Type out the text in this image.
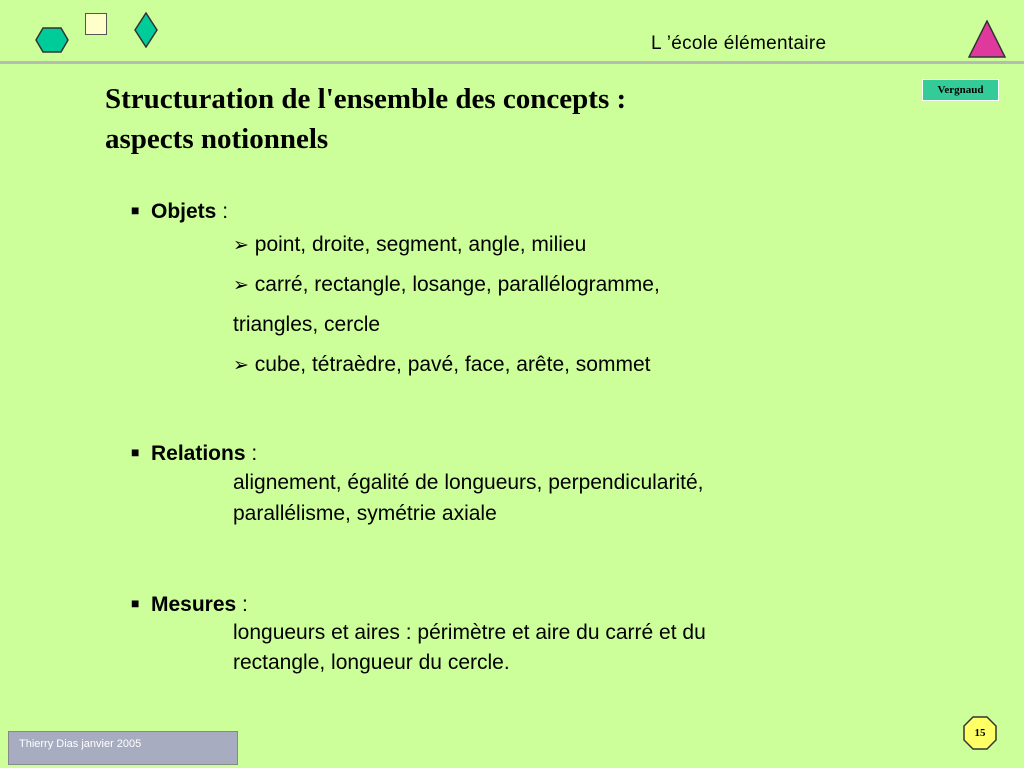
L ’école élémentaire
Vergnaud
Structuration de l'ensemble des concepts :
aspects notionnels
■ Objets :
➢ point, droite, segment, angle, milieu
➢ carré, rectangle, losange, parallélogramme,
triangles, cercle
➢ cube, tétraèdre, pavé, face, arête, sommet
■ Relations :
alignement, égalité de longueurs, perpendicularité,
parallélisme, symétrie axiale
■ Mesures :
longueurs et aires : périmètre et aire du carré et du
rectangle, longueur du cercle.
Thierry Dias janvier 2005
15
